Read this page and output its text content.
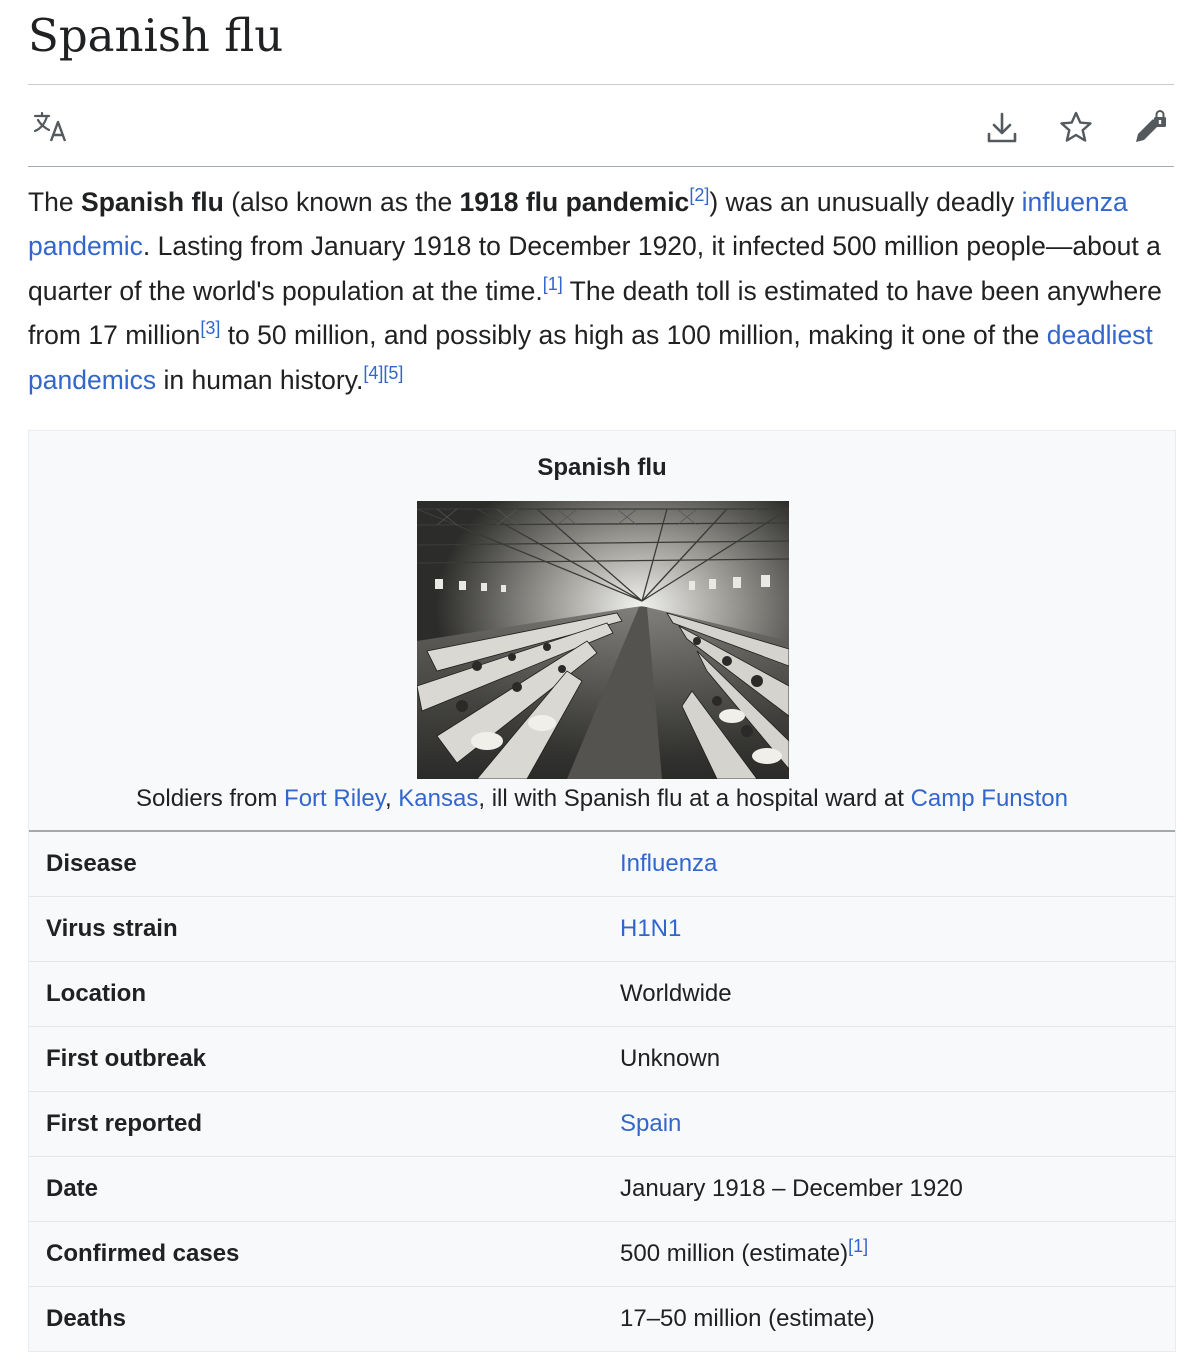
Spanish flu

The Spanish flu (also known as the 1918 flu pandemic[2]) was an unusually deadly influenza pandemic. Lasting from January 1918 to December 1920, it infected 500 million people—about a quarter of the world's population at the time.[1] The death toll is estimated to have been anywhere from 17 million[3] to 50 million, and possibly as high as 100 million, making it one of the deadliest pandemics in human history.[4][5]

Spanish flu
Soldiers from Fort Riley, Kansas, ill with Spanish flu at a hospital ward at Camp Funston
Disease	Influenza
Virus strain	H1N1
Location	Worldwide
First outbreak	Unknown
First reported	Spain
Date	January 1918 – December 1920
Confirmed cases	500 million (estimate)[1]
Deaths	17–50 million (estimate)
